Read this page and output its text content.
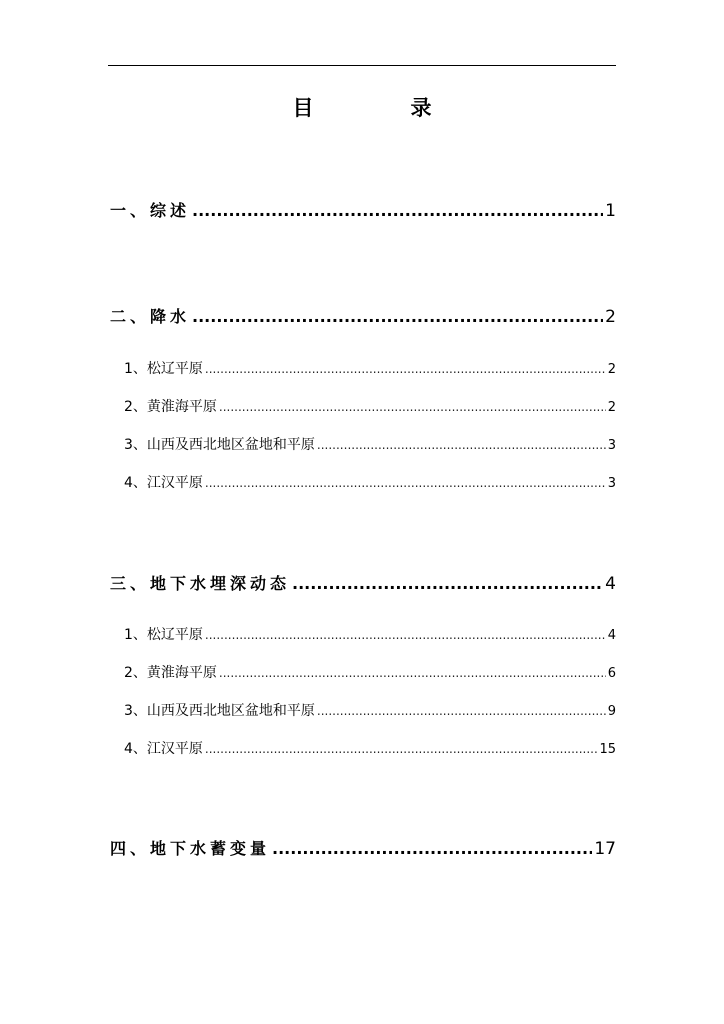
目　录
一、综述 .....	1
二、降水 .....	2
1、松辽平原 .....	2
2、黄淮海平原 .....	2
3、山西及西北地区盆地和平原 .....	3
4、江汉平原 .....	3
三、地下水埋深动态 .....	4
1、松辽平原 .....	4
2、黄淮海平原 .....	6
3、山西及西北地区盆地和平原 .....	9
4、江汉平原 .....	15
四、地下水蓄变量 .....	17
